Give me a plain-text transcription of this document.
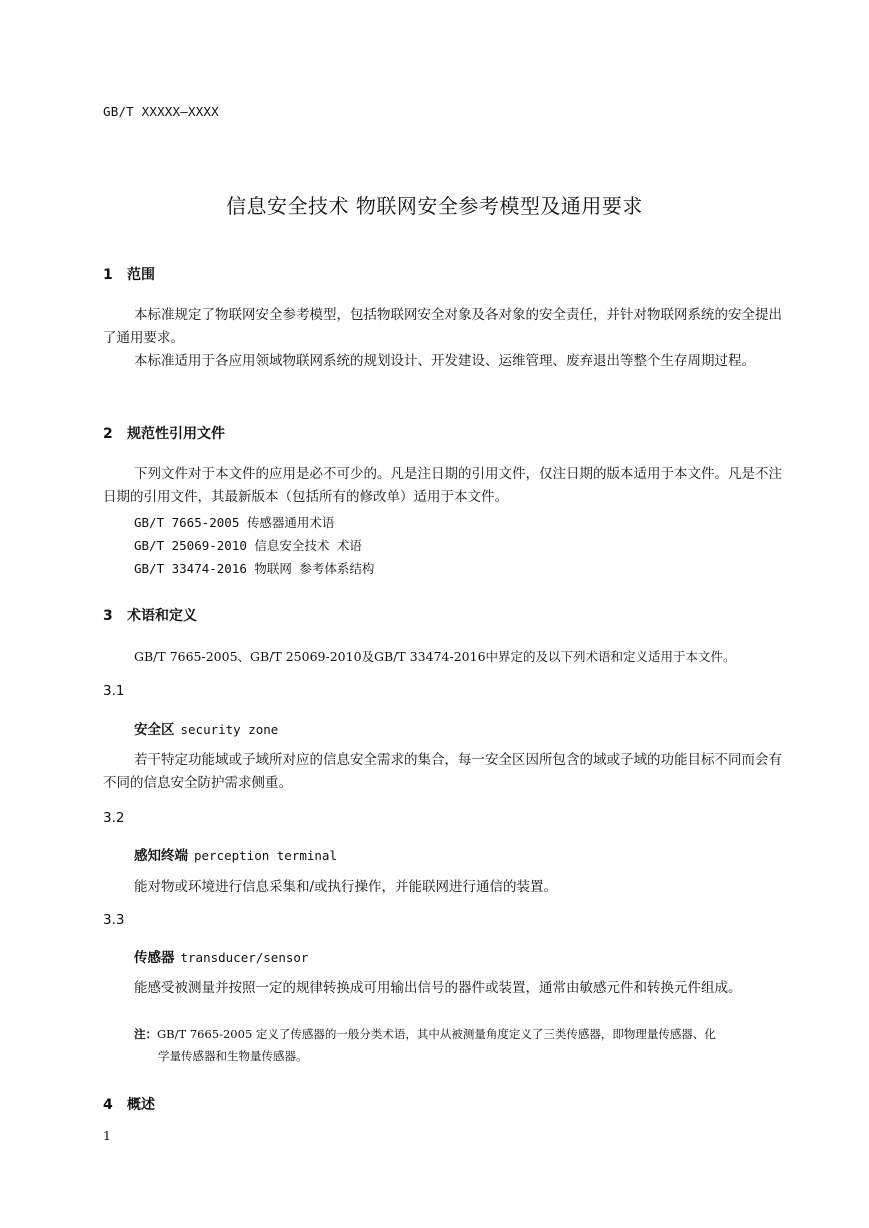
GB/T XXXXX—XXXX
信息安全技术 物联网安全参考模型及通用要求
1 范围
本标准规定了物联网安全参考模型，包括物联网安全对象及各对象的安全责任，并针对物联网系统的安全提出了通用要求。
本标准适用于各应用领域物联网系统的规划设计、开发建设、运维管理、废弃退出等整个生存周期过程。
2 规范性引用文件
下列文件对于本文件的应用是必不可少的。凡是注日期的引用文件，仅注日期的版本适用于本文件。凡是不注日期的引用文件，其最新版本（包括所有的修改单）适用于本文件。
GB/T 7665-2005 传感器通用术语
GB/T 25069-2010 信息安全技术 术语
GB/T 33474-2016 物联网 参考体系结构
3 术语和定义
GB/T 7665-2005、GB/T 25069-2010及GB/T 33474-2016中界定的及以下列术语和定义适用于本文件。
3.1
安全区 security zone
若干特定功能域或子域所对应的信息安全需求的集合，每一安全区因所包含的域或子域的功能目标不同而会有不同的信息安全防护需求侧重。
3.2
感知终端 perception terminal
能对物或环境进行信息采集和/或执行操作，并能联网进行通信的装置。
3.3
传感器 transducer/sensor
能感受被测量并按照一定的规律转换成可用输出信号的器件或装置，通常由敏感元件和转换元件组成。
注：GB/T 7665-2005 定义了传感器的一般分类术语，其中从被测量角度定义了三类传感器，即物理量传感器、化
学量传感器和生物量传感器。
4 概述
1
